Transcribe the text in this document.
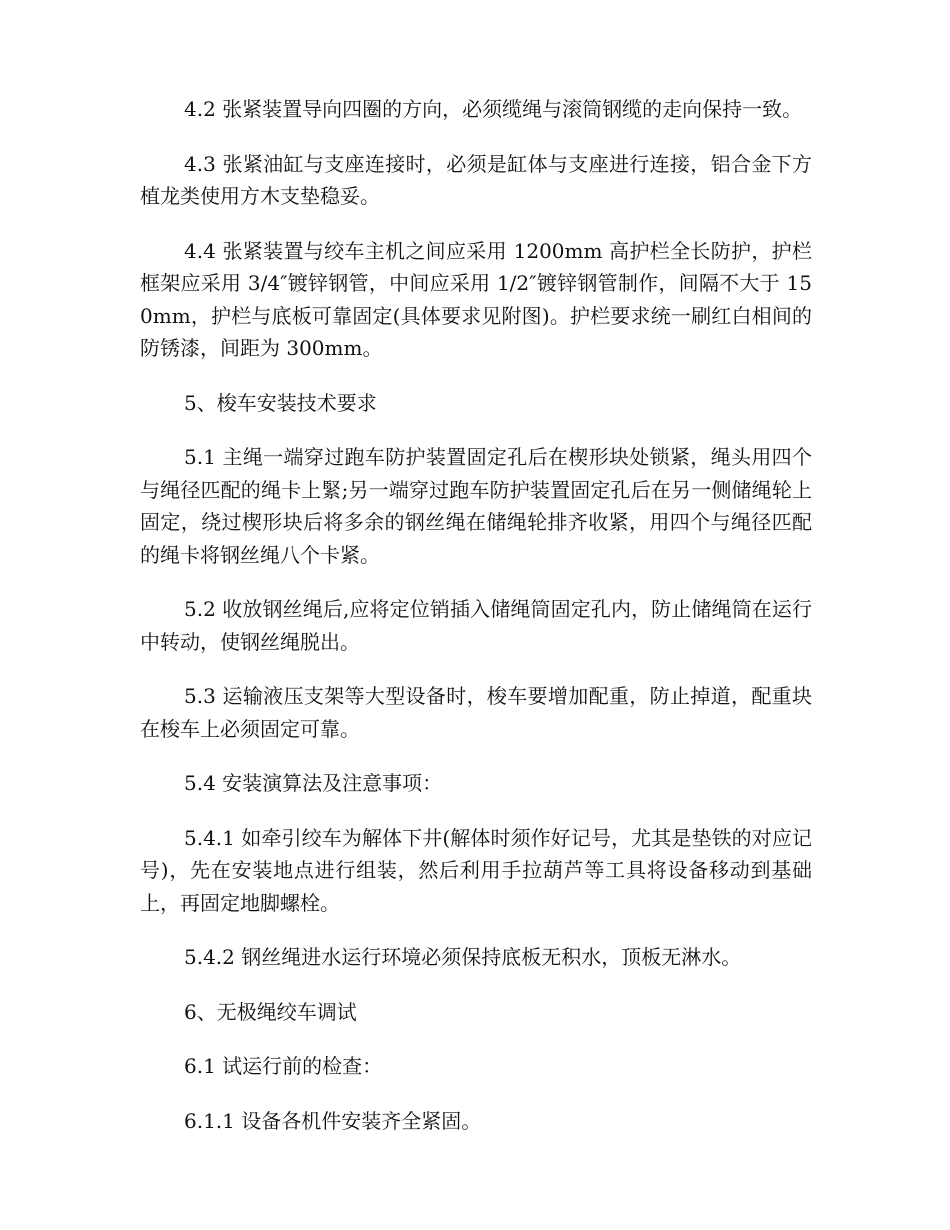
4.2 张紧装置导向四圈的方向，必须缆绳与滚筒钢缆的走向保持一致。

4.3 张紧油缸与支座连接时，必须是缸体与支座进行连接，铝合金下方植龙类使用方木支垫稳妥。

4.4 张紧装置与绞车主机之间应采用 1200mm 高护栏全长防护，护栏框架应采用 3/4″镀锌钢管，中间应采用 1/2″镀锌钢管制作，间隔不大于 150mm，护栏与底板可靠固定(具体要求见附图)。护栏要求统一刷红白相间的防锈漆，间距为 300mm。

5、梭车安装技术要求

5.1 主绳一端穿过跑车防护装置固定孔后在楔形块处锁紧，绳头用四个与绳径匹配的绳卡上緊;另一端穿过跑车防护装置固定孔后在另一侧储绳轮上固定，绕过楔形块后将多余的钢丝绳在储绳轮排齐收紧，用四个与绳径匹配的绳卡将钢丝绳八个卡紧。

5.2 收放钢丝绳后,应将定位销插入储绳筒固定孔内，防止储绳筒在运行中转动，使钢丝绳脱出。

5.3 运输液压支架等大型设备时，梭车要增加配重，防止掉道，配重块在梭车上必须固定可靠。

5.4 安装演算法及注意事项：

5.4.1 如牵引绞车为解体下井(解体时须作好记号，尤其是垫铁的对应记号)，先在安装地点进行组装，然后利用手拉葫芦等工具将设备移动到基础上，再固定地脚螺栓。

5.4.2 钢丝绳进水运行环境必须保持底板无积水，顶板无淋水。

6、无极绳绞车调试

6.1 试运行前的检查：

6.1.1 设备各机件安装齐全紧固。
